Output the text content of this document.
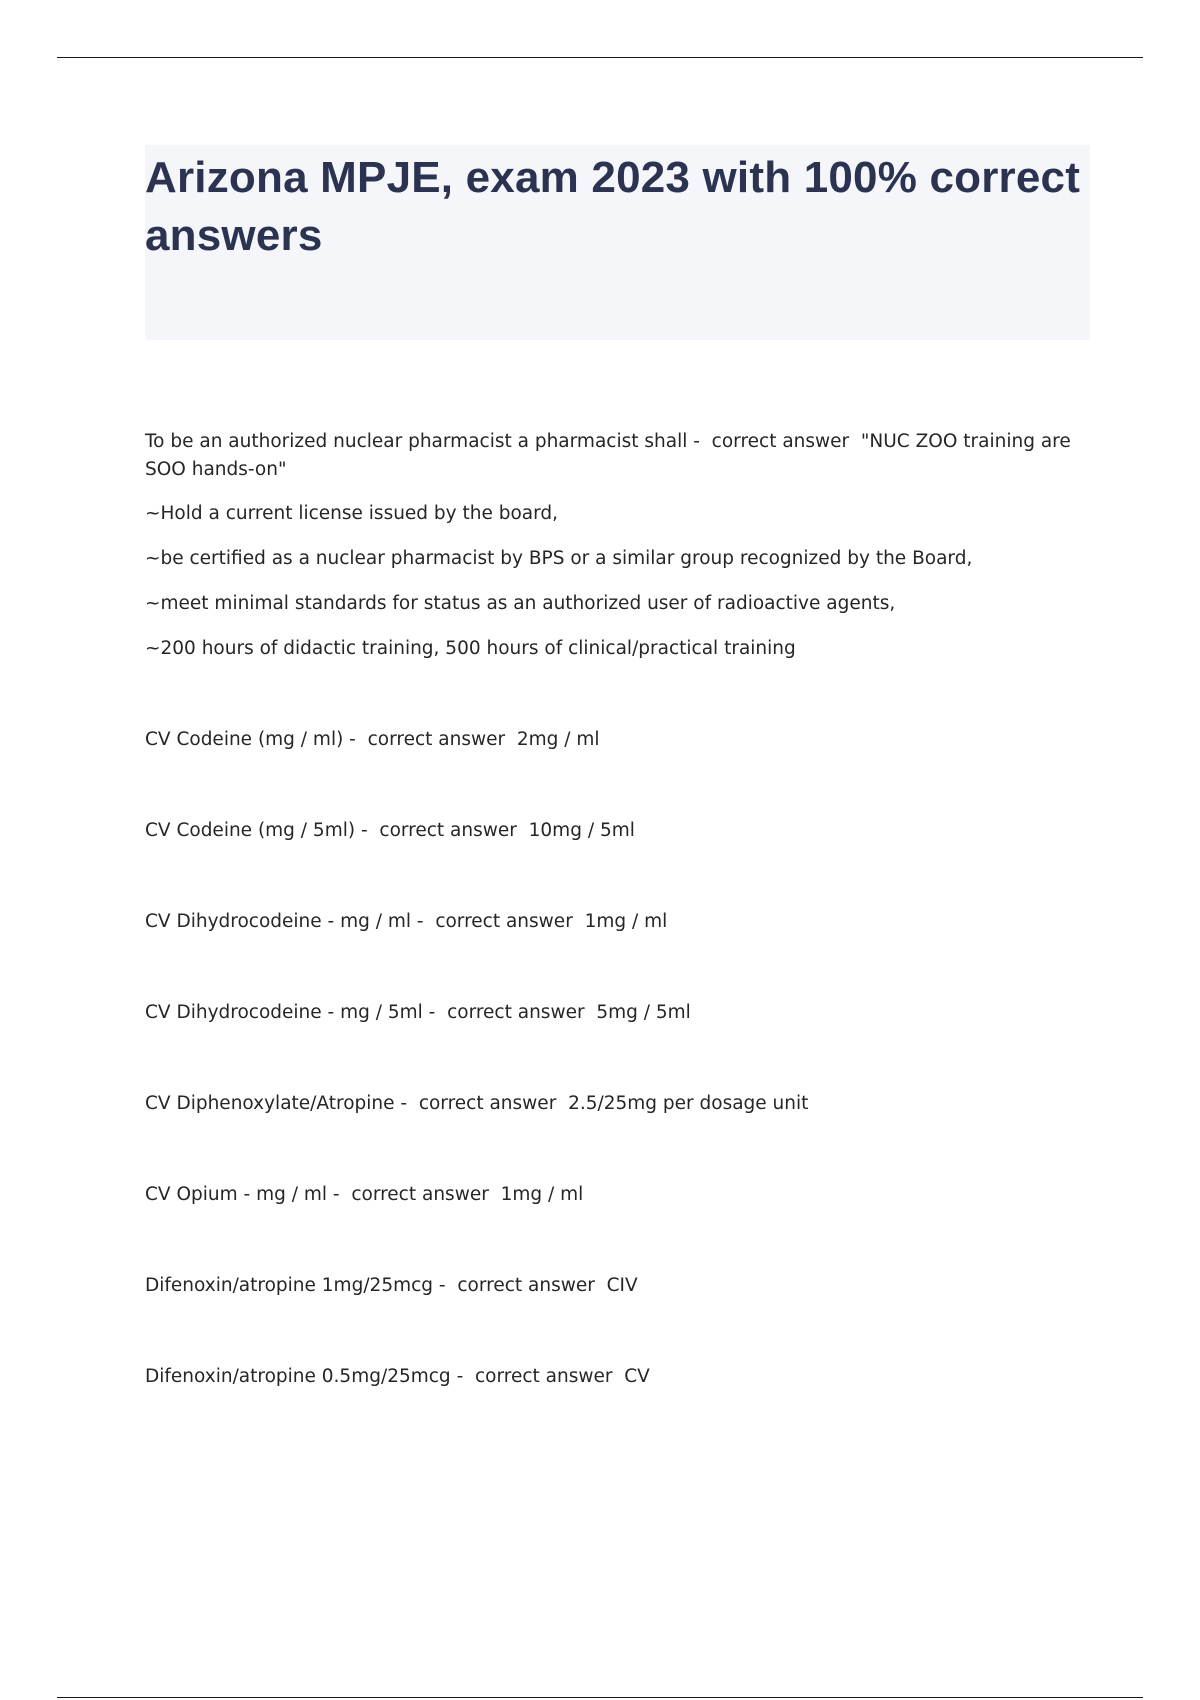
Arizona MPJE, exam 2023 with 100% correct answers

To be an authorized nuclear pharmacist a pharmacist shall -  correct answer  "NUC ZOO training are SOO hands-on"

~Hold a current license issued by the board,

~be certified as a nuclear pharmacist by BPS or a similar group recognized by the Board,

~meet minimal standards for status as an authorized user of radioactive agents,

~200 hours of didactic training, 500 hours of clinical/practical training

CV Codeine (mg / ml) -  correct answer  2mg / ml

CV Codeine (mg / 5ml) -  correct answer  10mg / 5ml

CV Dihydrocodeine - mg / ml -  correct answer  1mg / ml

CV Dihydrocodeine - mg / 5ml -  correct answer  5mg / 5ml

CV Diphenoxylate/Atropine -  correct answer  2.5/25mg per dosage unit

CV Opium - mg / ml -  correct answer  1mg / ml

Difenoxin/atropine 1mg/25mcg -  correct answer  CIV

Difenoxin/atropine 0.5mg/25mcg -  correct answer  CV
